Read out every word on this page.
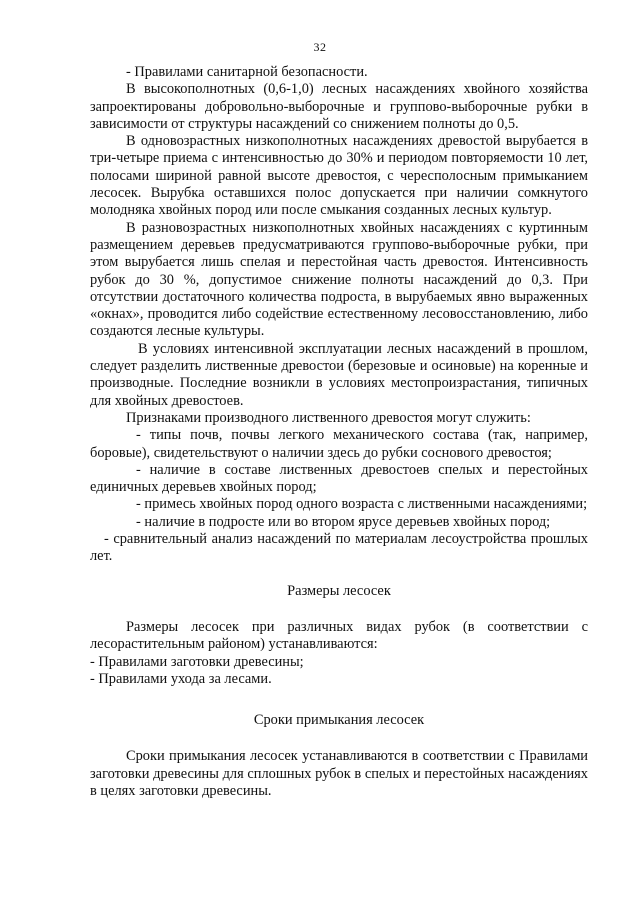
32

- Правилами санитарной безопасности.

В высокополнотных (0,6-1,0) лесных насаждениях хвойного хозяйства запроектированы добровольно-выборочные и группово-выборочные рубки в зависимости от структуры насаждений со снижением полноты до 0,5.

В одновозрастных низкополнотных насаждениях древостой вырубается в три-четыре приема с интенсивностью до 30% и периодом повторяемости 10 лет, полосами шириной равной высоте древостоя, с чересполосным примыканием лесосек. Вырубка оставшихся полос допускается при наличии сомкнутого молодняка хвойных пород или после смыкания созданных лесных культур.

В разновозрастных низкополнотных хвойных насаждениях с куртинным размещением деревьев предусматриваются группово-выборочные рубки, при этом вырубается лишь спелая и перестойная часть древостоя. Интенсивность рубок до 30 %, допустимое снижение полноты насаждений до 0,3. При отсутствии достаточного количества подроста, в вырубаемых явно выраженных «окнах», проводится либо содействие естественному лесовосстановлению, либо создаются лесные культуры.

В условиях интенсивной эксплуатации лесных насаждений в прошлом, следует разделить лиственные древостои (березовые и осиновые) на коренные и производные. Последние возникли в условиях местопроизрастания, типичных для хвойных древостоев.

Признаками производного лиственного древостоя могут служить:

- типы почв, почвы легкого механического состава (так, например, боровые), свидетельствуют о наличии здесь до рубки соснового древостоя;

- наличие в составе лиственных древостоев спелых и перестойных единичных деревьев хвойных пород;

- примесь хвойных пород одного возраста с лиственными насаждениями;

- наличие в подросте или во втором ярусе деревьев хвойных пород;

- сравнительный анализ насаждений по материалам лесоустройства прошлых лет.

Размеры лесосек

Размеры лесосек при различных видах рубок (в соответствии с лесорастительным районом) устанавливаются:

- Правилами заготовки древесины;

- Правилами ухода за лесами.

Сроки примыкания лесосек

Сроки примыкания лесосек устанавливаются в соответствии с Правилами заготовки древесины для сплошных рубок в спелых и перестойных насаждениях в целях заготовки древесины.
